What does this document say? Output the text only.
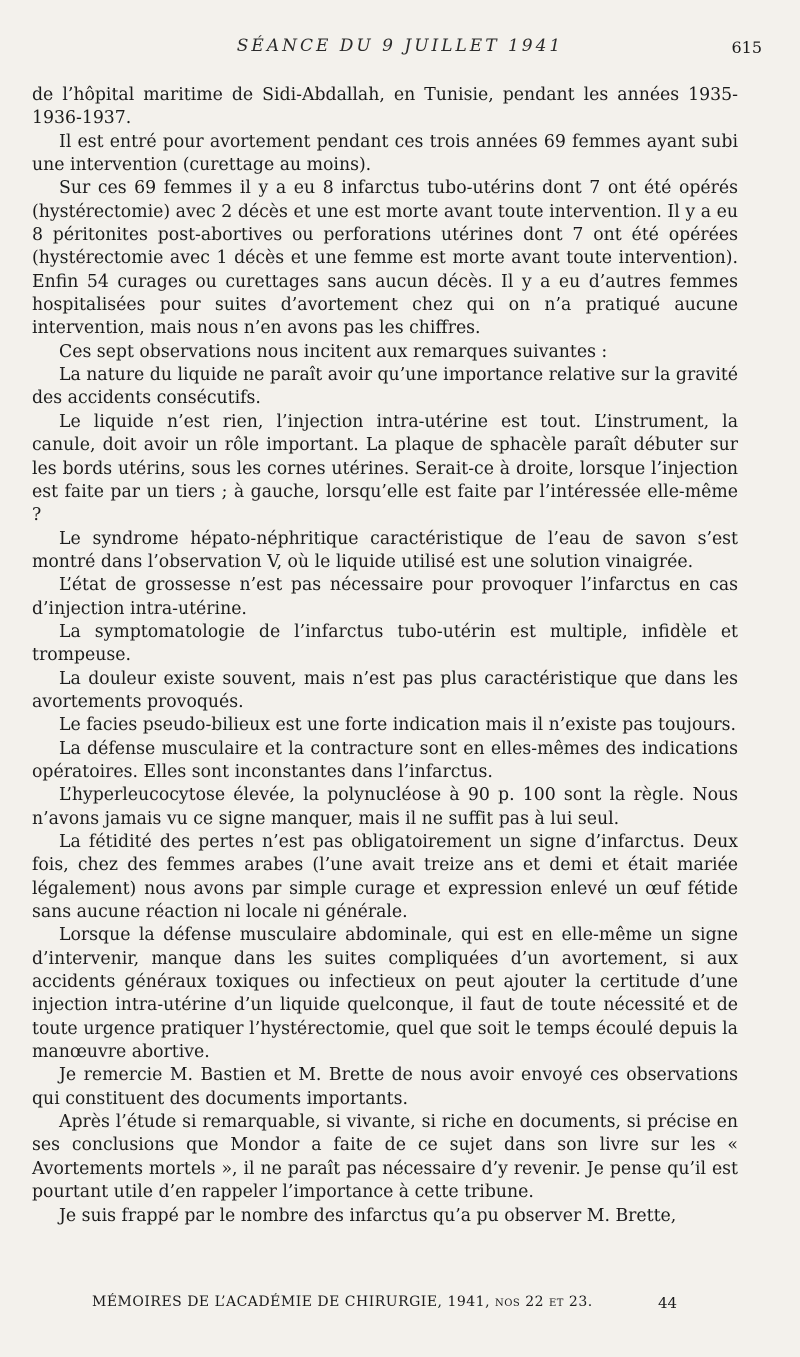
SÉANCE DU 9 JUILLET 1941	615

de l’hôpital maritime de Sidi-Abdallah, en Tunisie, pendant les années 1935-1936-1937.

Il est entré pour avortement pendant ces trois années 69 femmes ayant subi une intervention (curettage au moins).

Sur ces 69 femmes il y a eu 8 infarctus tubo-utérins dont 7 ont été opérés (hystérectomie) avec 2 décès et une est morte avant toute intervention. Il y a eu 8 péritonites post-abortives ou perforations utérines dont 7 ont été opérées (hystérectomie avec 1 décès et une femme est morte avant toute intervention). Enfin 54 curages ou curettages sans aucun décès. Il y a eu d’autres femmes hospitalisées pour suites d’avortement chez qui on n’a pratiqué aucune intervention, mais nous n’en avons pas les chiffres.

Ces sept observations nous incitent aux remarques suivantes :

La nature du liquide ne paraît avoir qu’une importance relative sur la gravité des accidents consécutifs.

Le liquide n’est rien, l’injection intra-utérine est tout. L’instrument, la canule, doit avoir un rôle important. La plaque de sphacèle paraît débuter sur les bords utérins, sous les cornes utérines. Serait-ce à droite, lorsque l’injection est faite par un tiers ; à gauche, lorsqu’elle est faite par l’intéressée elle-même ?

Le syndrome hépato-néphritique caractéristique de l’eau de savon s’est montré dans l’observation V, où le liquide utilisé est une solution vinaigrée.

L’état de grossesse n’est pas nécessaire pour provoquer l’infarctus en cas d’injection intra-utérine.

La symptomatologie de l’infarctus tubo-utérin est multiple, infidèle et trompeuse.

La douleur existe souvent, mais n’est pas plus caractéristique que dans les avortements provoqués.

Le facies pseudo-bilieux est une forte indication mais il n’existe pas toujours.

La défense musculaire et la contracture sont en elles-mêmes des indications opératoires. Elles sont inconstantes dans l’infarctus.

L’hyperleucocytose élevée, la polynucléose à 90 p. 100 sont la règle. Nous n’avons jamais vu ce signe manquer, mais il ne suffit pas à lui seul.

La fétidité des pertes n’est pas obligatoirement un signe d’infarctus. Deux fois, chez des femmes arabes (l’une avait treize ans et demi et était mariée légalement) nous avons par simple curage et expression enlevé un œuf fétide sans aucune réaction ni locale ni générale.

Lorsque la défense musculaire abdominale, qui est en elle-même un signe d’intervenir, manque dans les suites compliquées d’un avortement, si aux accidents généraux toxiques ou infectieux on peut ajouter la certitude d’une injection intra-utérine d’un liquide quelconque, il faut de toute nécessité et de toute urgence pratiquer l’hystérectomie, quel que soit le temps écoulé depuis la manœuvre abortive.

Je remercie M. Bastien et M. Brette de nous avoir envoyé ces observations qui constituent des documents importants.

Après l’étude si remarquable, si vivante, si riche en documents, si précise en ses conclusions que Mondor a faite de ce sujet dans son livre sur les « Avortements mortels », il ne paraît pas nécessaire d’y revenir. Je pense qu’il est pourtant utile d’en rappeler l’importance à cette tribune.

Je suis frappé par le nombre des infarctus qu’a pu observer M. Brette,

MÉMOIRES DE L’ACADÉMIE DE CHIRURGIE, 1941, nos 22 et 23.	44
